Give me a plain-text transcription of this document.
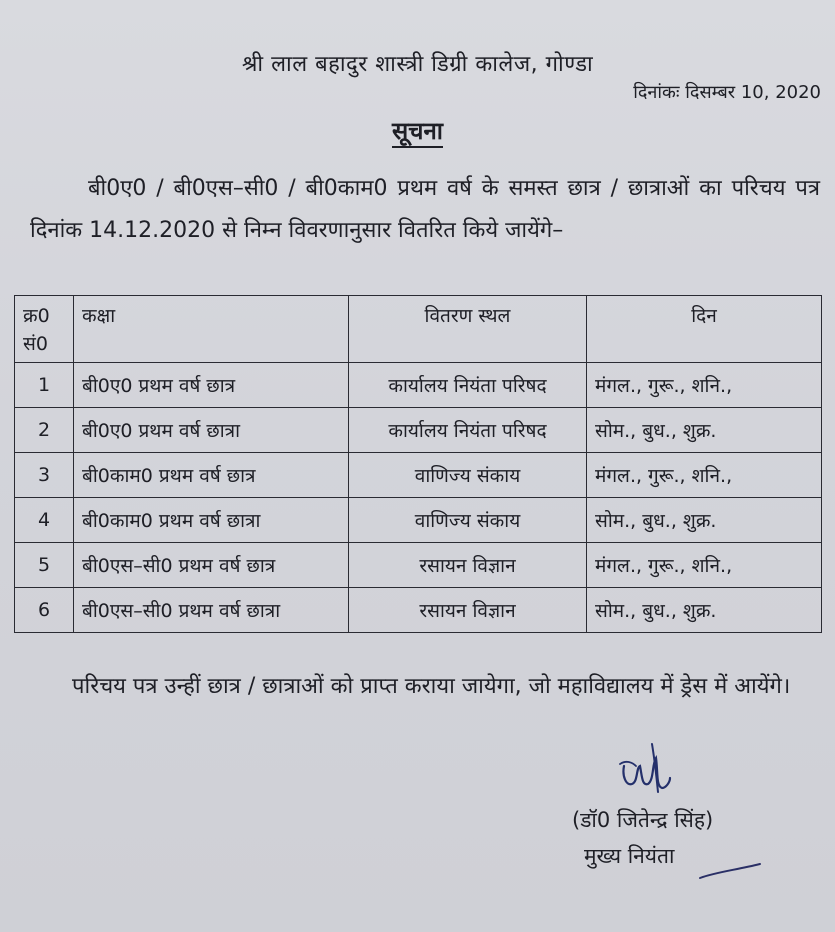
श्री लाल बहादुर शास्त्री डिग्री कालेज, गोण्डा
दिनांकः दिसम्बर 10, 2020
सूचना
बी0ए0 / बी0एस–सी0 / बी0काम0 प्रथम वर्ष के समस्त छात्र / छात्राओं का परिचय पत्र दिनांक 14.12.2020 से निम्न विवरणानुसार वितरित किये जायेंगे–
क्र0 सं0	कक्षा	वितरण स्थल	दिन
1	बी0ए0 प्रथम वर्ष छात्र	कार्यालय नियंता परिषद	मंगल., गुरू., शनि.,
2	बी0ए0 प्रथम वर्ष छात्रा	कार्यालय नियंता परिषद	सोम., बुध., शुक्र.
3	बी0काम0 प्रथम वर्ष छात्र	वाणिज्य संकाय	मंगल., गुरू., शनि.,
4	बी0काम0 प्रथम वर्ष छात्रा	वाणिज्य संकाय	सोम., बुध., शुक्र.
5	बी0एस–सी0 प्रथम वर्ष छात्र	रसायन विज्ञान	मंगल., गुरू., शनि.,
6	बी0एस–सी0 प्रथम वर्ष छात्रा	रसायन विज्ञान	सोम., बुध., शुक्र.
परिचय पत्र उन्हीं छात्र / छात्राओं को प्राप्त कराया जायेगा, जो महाविद्यालय में ड्रेस में आयेंगे।
(डॉ0 जितेन्द्र सिंह)
मुख्य नियंता
